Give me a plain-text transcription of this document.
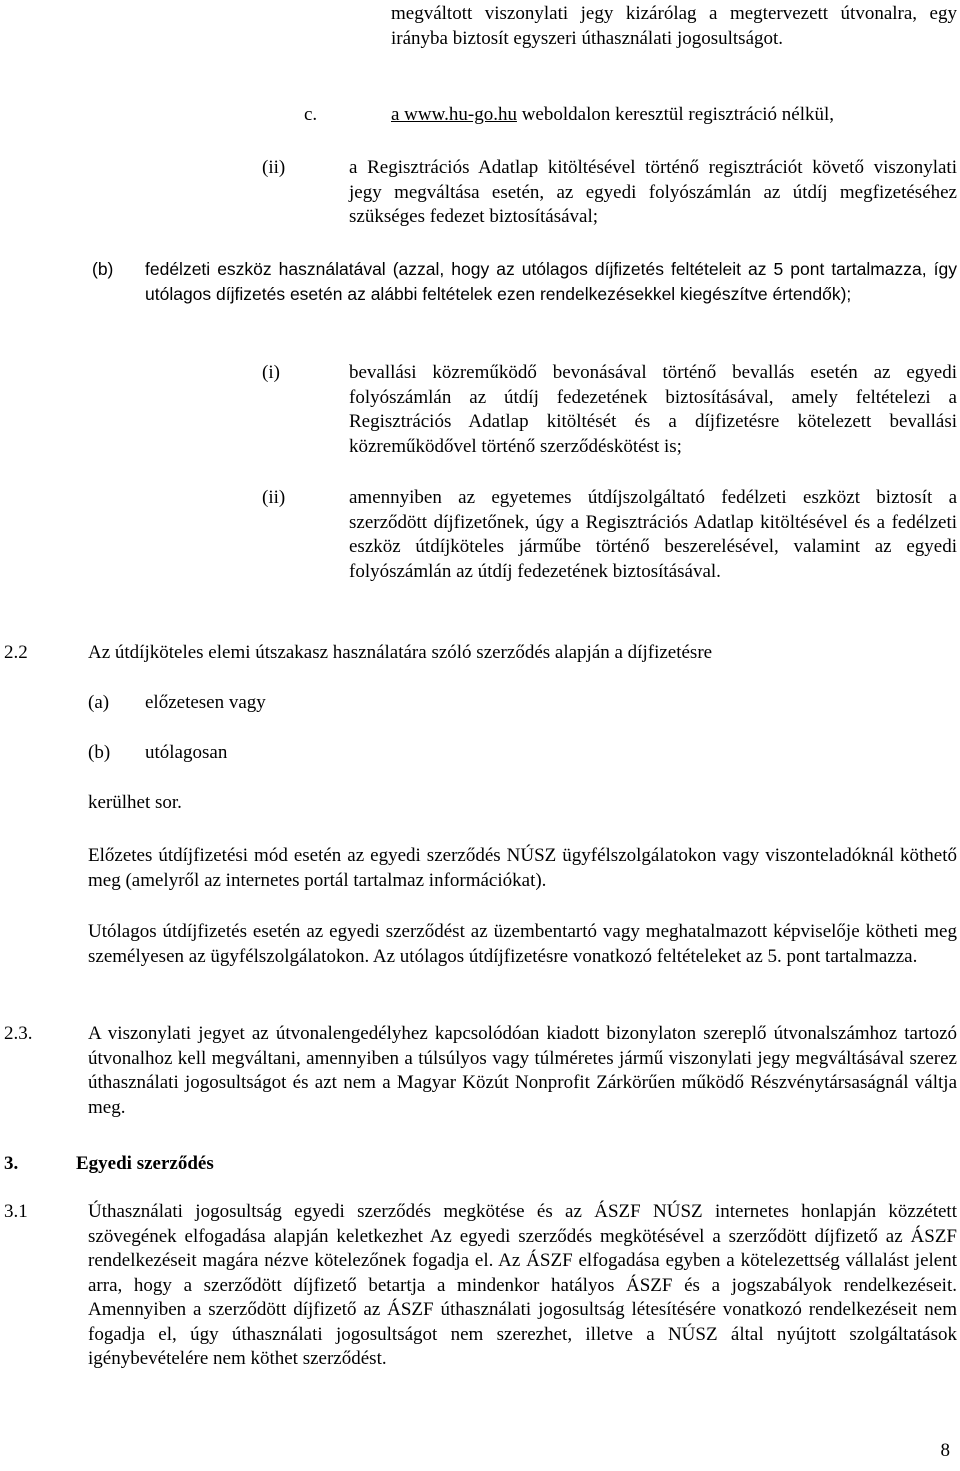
megváltott viszonylati jegy kizárólag a megtervezett útvonalra, egy irányba biztosít egyszeri úthasználati jogosultságot.

c.	a www.hu-go.hu weboldalon keresztül regisztráció nélkül,
(ii)	a Regisztrációs Adatlap kitöltésével történő regisztrációt követő viszonylati jegy megváltása esetén, az egyedi folyószámlán az útdíj megfizetéséhez szükséges fedezet biztosításával;

(b) fedélzeti eszköz használatával (azzal, hogy az utólagos díjfizetés feltételeit az 5 pont tartalmazza, így utólagos díjfizetés esetén az alábbi feltételek ezen rendelkezésekkel kiegészítve értendők);

(i)	bevallási közreműködő bevonásával történő bevallás esetén az egyedi folyószámlán az útdíj fedezetének biztosításával, amely feltételezi a Regisztrációs Adatlap kitöltését és a díjfizetésre kötelezett bevallási közreműködővel történő szerződéskötést is;

(ii)	amennyiben az egyetemes útdíjszolgáltató fedélzeti eszközt biztosít a szerződött díjfizetőnek, úgy a Regisztrációs Adatlap kitöltésével és a fedélzeti eszköz útdíjköteles járműbe történő beszerelésével, valamint az egyedi folyószámlán az útdíj fedezetének biztosításával.

2.2	Az útdíjköteles elemi útszakasz használatára szóló szerződés alapján a díjfizetésre

(a) előzetesen vagy
(b) utólagosan
kerülhet sor.

Előzetes útdíjfizetési mód esetén az egyedi szerződés NÚSZ ügyfélszolgálatokon vagy viszonteladóknál köthető meg (amelyről az internetes portál tartalmaz információkat).

Utólagos útdíjfizetés esetén az egyedi szerződést az üzembentartó vagy meghatalmazott képviselője kötheti meg személyesen az ügyfélszolgálatokon. Az utólagos útdíjfizetésre vonatkozó feltételeket az 5. pont tartalmazza.

2.3.	A viszonylati jegyet az útvonalengedélyhez kapcsolódóan kiadott bizonylaton szereplő útvonalszámhoz tartozó útvonalhoz kell megváltani, amennyiben a túlsúlyos vagy túlméretes jármű viszonylati jegy megváltásával szerez úthasználati jogosultságot és azt nem a Magyar Közút Nonprofit Zárkörűen működő Részvénytársaságnál váltja meg.

3.	Egyedi szerződés
3.1	Úthasználati jogosultság egyedi szerződés megkötése és az ÁSZF NÚSZ internetes honlapján közzétett szövegének elfogadása alapján keletkezhet Az egyedi szerződés megkötésével a szerződött díjfizető az ÁSZF rendelkezéseit magára nézve kötelezőnek fogadja el. Az ÁSZF elfogadása egyben a kötelezettség vállalást jelent arra, hogy a szerződött díjfizető betartja a mindenkor hatályos ÁSZF és a jogszabályok rendelkezéseit. Amennyiben a szerződött díjfizető az ÁSZF úthasználati jogosultság létesítésére vonatkozó rendelkezéseit nem fogadja el, úgy úthasználati jogosultságot nem szerezhet, illetve a NÚSZ által nyújtott szolgáltatások igénybevételére nem köthet szerződést.

8
